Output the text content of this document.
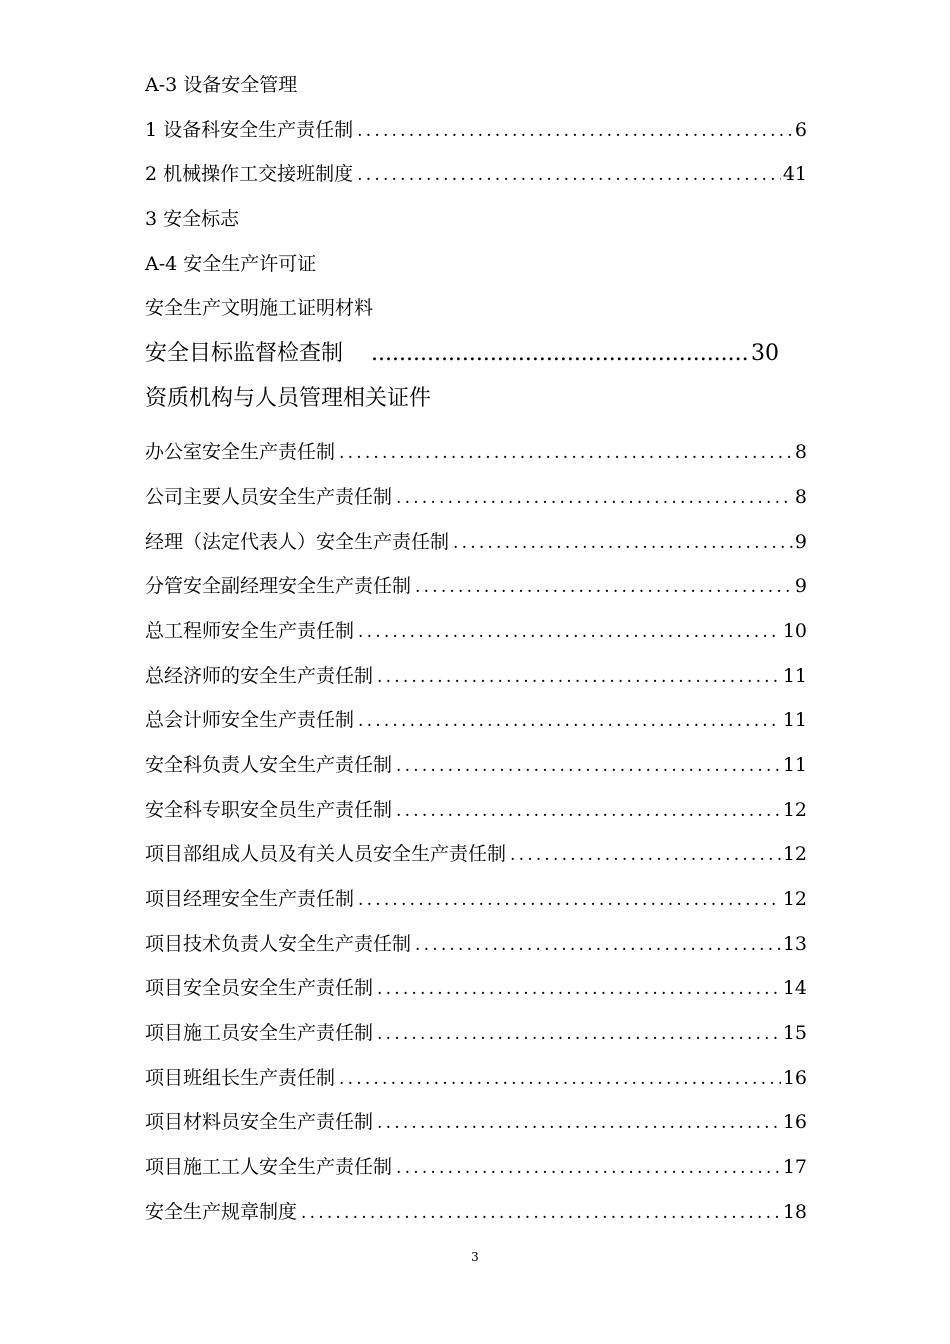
A-3 设备安全管理
1 设备科安全生产责任制 .....	6
2 机械操作工交接班制度 .....	41
3 安全标志
A-4 安全生产许可证
安全生产文明施工证明材料
安全目标监督检查制 .....	30
资质机构与人员管理相关证件
办公室安全生产责任制 .....	8
公司主要人员安全生产责任制 .....	8
经理（法定代表人）安全生产责任制 .....	9
分管安全副经理安全生产责任制 .....	9
总工程师安全生产责任制 .....	10
总经济师的安全生产责任制 .....	11
总会计师安全生产责任制 .....	11
安全科负责人安全生产责任制 .....	11
安全科专职安全员生产责任制 .....	12
项目部组成人员及有关人员安全生产责任制 .....	12
项目经理安全生产责任制 .....	12
项目技术负责人安全生产责任制 .....	13
项目安全员安全生产责任制 .....	14
项目施工员安全生产责任制 .....	15
项目班组长生产责任制 .....	16
项目材料员安全生产责任制 .....	16
项目施工工人安全生产责任制 .....	17
安全生产规章制度 .....	18
3
